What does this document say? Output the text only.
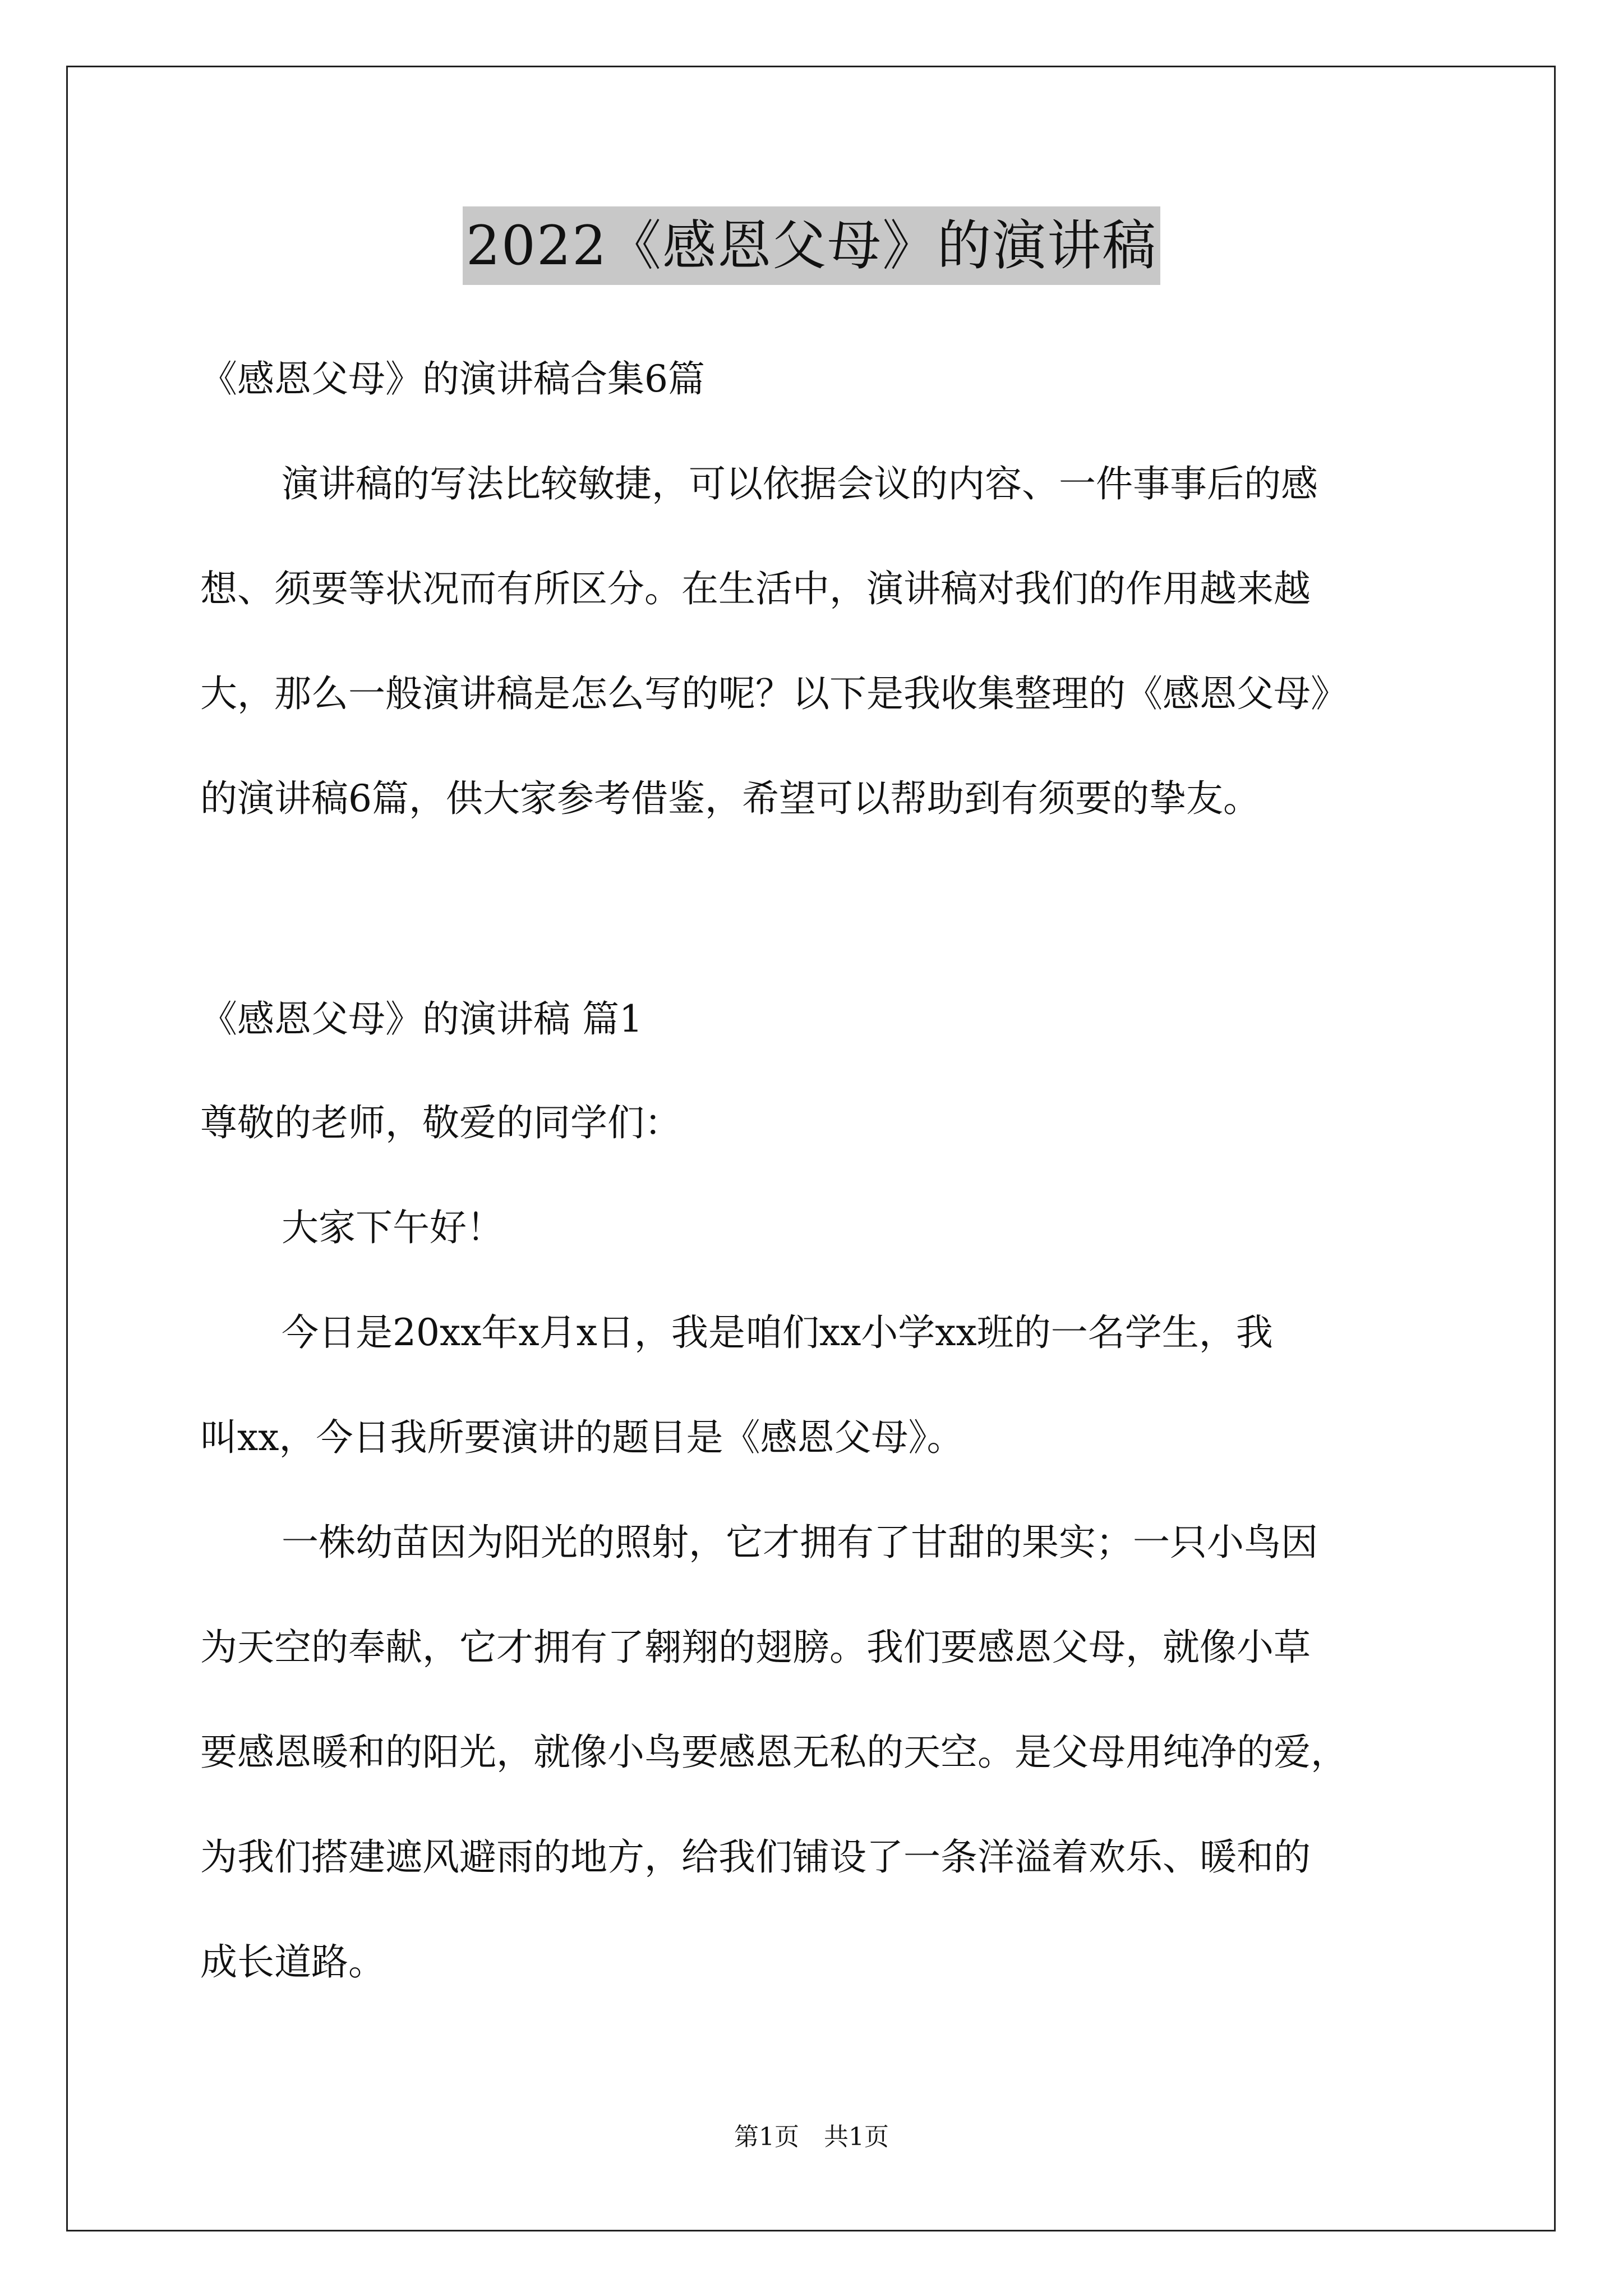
2022《感恩父母》的演讲稿
《感恩父母》的演讲稿合集6篇
演讲稿的写法比较敏捷，可以依据会议的内容、一件事事后的感
想、须要等状况而有所区分。在生活中，演讲稿对我们的作用越来越
大，那么一般演讲稿是怎么写的呢？以下是我收集整理的《感恩父母》
的演讲稿6篇，供大家参考借鉴，希望可以帮助到有须要的挚友。
《感恩父母》的演讲稿 篇1
尊敬的老师，敬爱的同学们：
大家下午好！
今日是20xx年x月x日，我是咱们xx小学xx班的一名学生，我
叫xx，今日我所要演讲的题目是《感恩父母》。
一株幼苗因为阳光的照射，它才拥有了甘甜的果实；一只小鸟因
为天空的奉献，它才拥有了翱翔的翅膀。我们要感恩父母，就像小草
要感恩暖和的阳光，就像小鸟要感恩无私的天空。是父母用纯净的爱，
为我们搭建遮风避雨的地方，给我们铺设了一条洋溢着欢乐、暖和的
成长道路。
第1页　共1页
